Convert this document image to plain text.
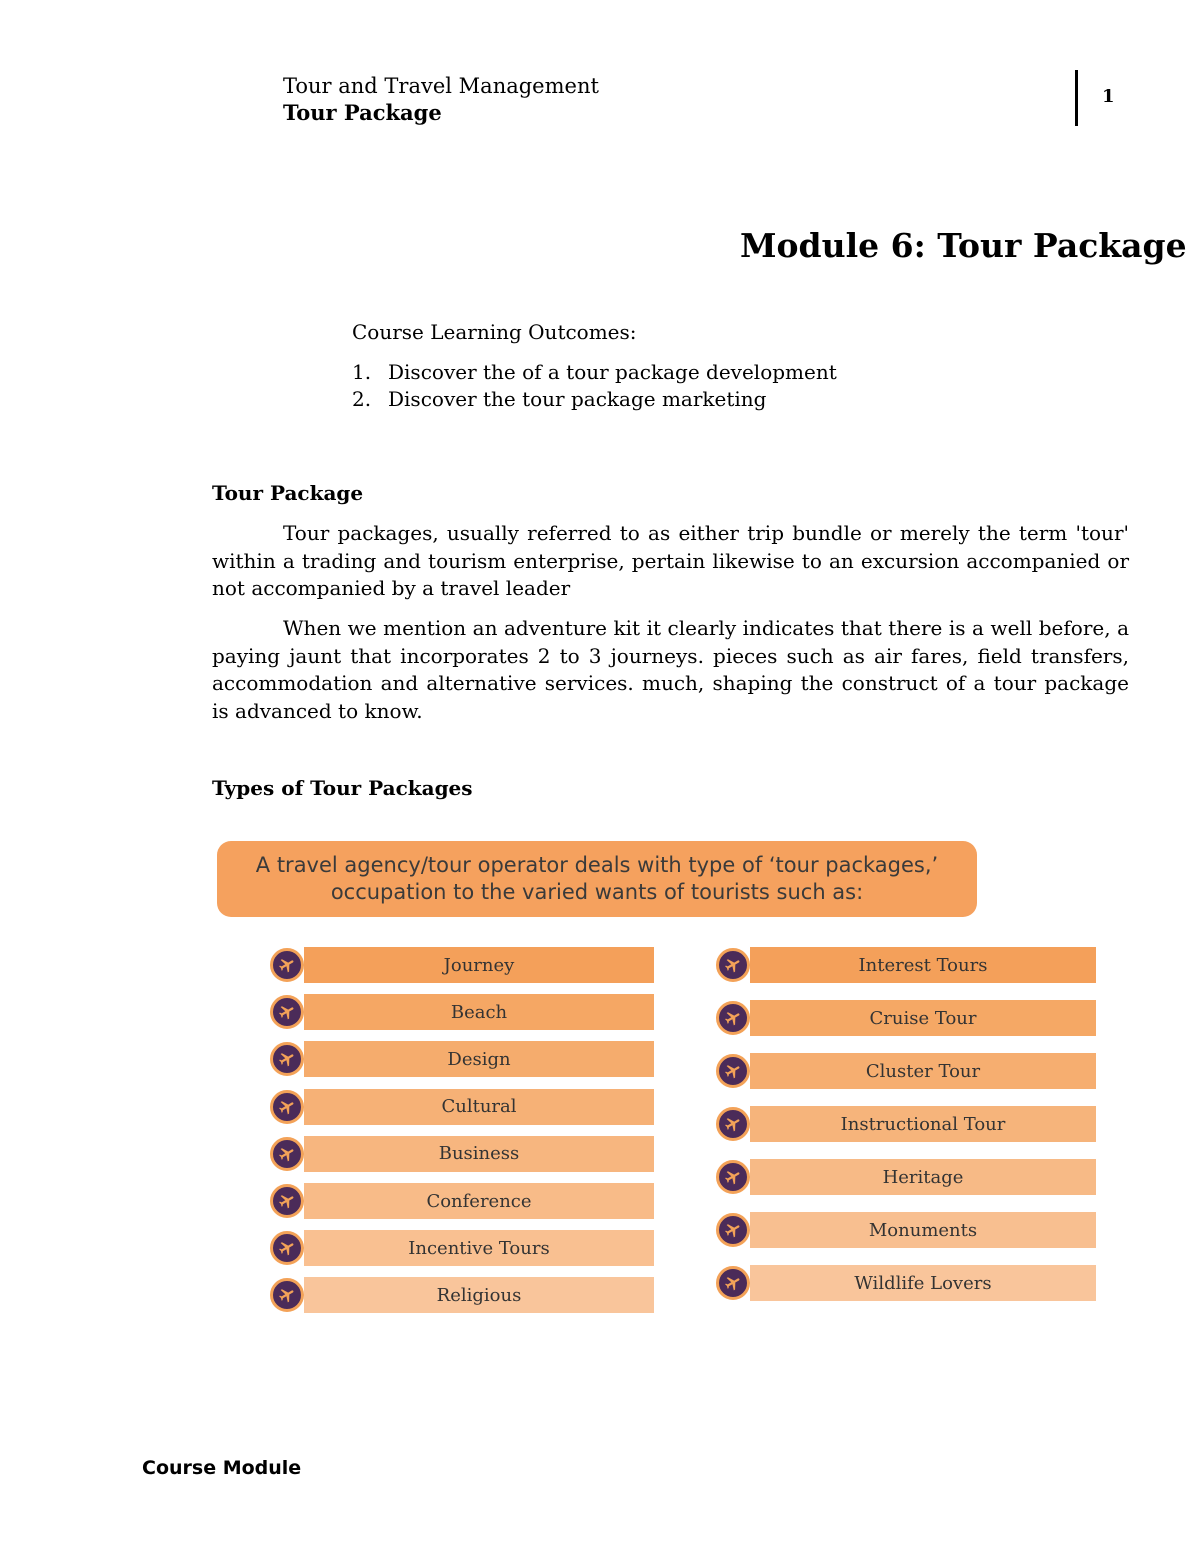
Tour and Travel Management
Tour Package
1
Module 6: Tour Package
Course Learning Outcomes:
1. Discover the of a tour package development
2. Discover the tour package marketing
Tour Package

Tour packages, usually referred to as either trip bundle or merely the term 'tour' within a trading and tourism enterprise, pertain likewise to an excursion accompanied or not accompanied by a travel leader

When we mention an adventure kit it clearly indicates that there is a well before, a paying jaunt that incorporates 2 to 3 journeys. pieces such as air fares, field transfers, accommodation and alternative services. much, shaping the construct of a tour package is advanced to know.

Types of Tour Packages
A travel agency/tour operator deals with type of ‘tour packages,’
occupation to the varied wants of tourists such as:
Journey
Beach
Design
Cultural
Business
Conference
Incentive Tours
Religious
Interest Tours
Cruise Tour
Cluster Tour
Instructional Tour
Heritage
Monuments
Wildlife Lovers
Course Module
